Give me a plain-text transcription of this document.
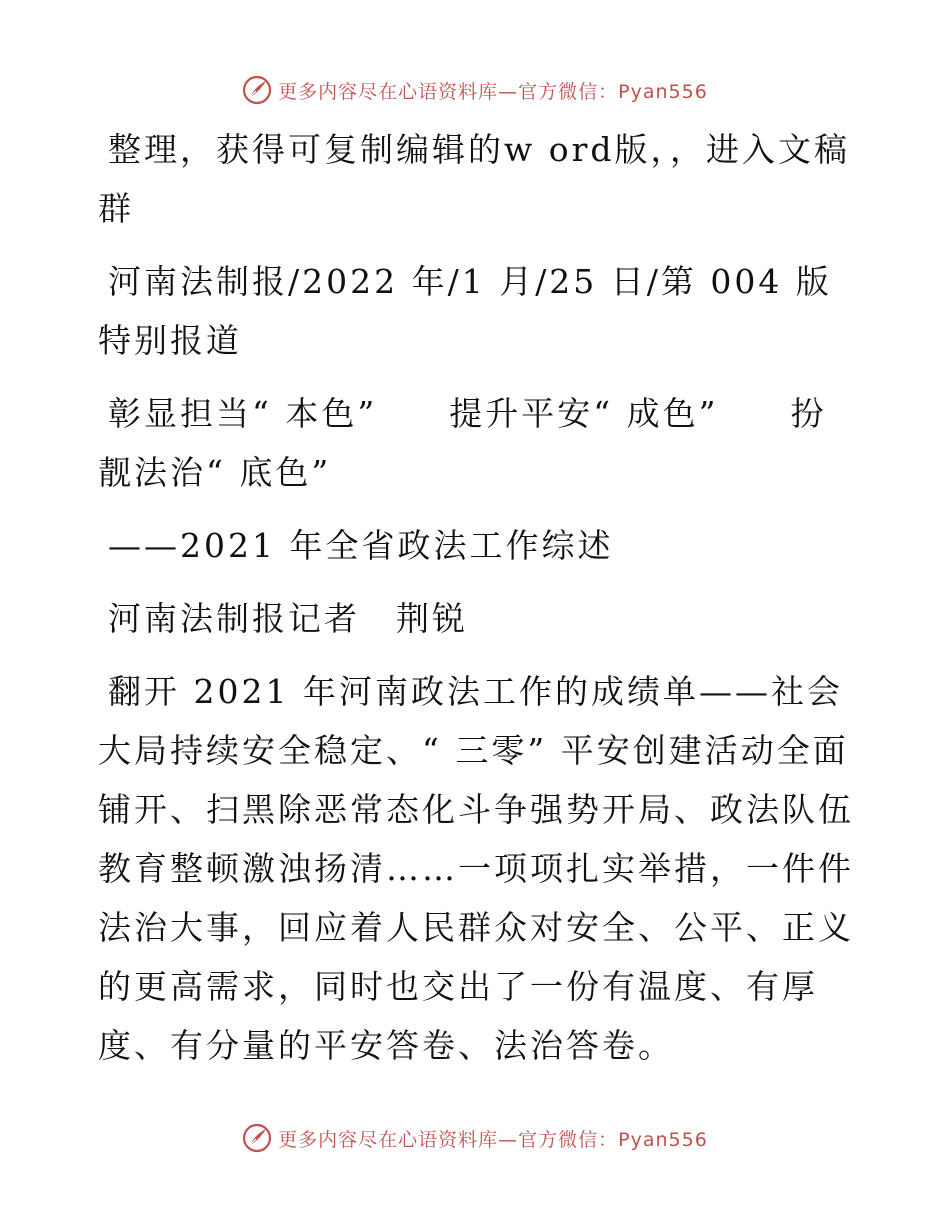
更多内容尽在心语资料库—官方微信：Pyan556

整理，获得可复制编辑的w ord版，，进入文稿群

河南法制报/2022 年/1 月/25 日/第 004 版特别报道

彰显担当“ 本色”　　提升平安“ 成色”　　扮靓法治“ 底色”

——2021 年全省政法工作综述

河南法制报记者　荆锐

翻开 2021 年河南政法工作的成绩单——社会大局持续安全稳定、“ 三零” 平安创建活动全面铺开、扫黑除恶常态化斗争强势开局、政法队伍教育整顿激浊扬清……一项项扎实举措，一件件法治大事，回应着人民群众对安全、公平、正义的更高需求，同时也交出了一份有温度、有厚度、有分量的平安答卷、法治答卷。

更多内容尽在心语资料库—官方微信：Pyan556
